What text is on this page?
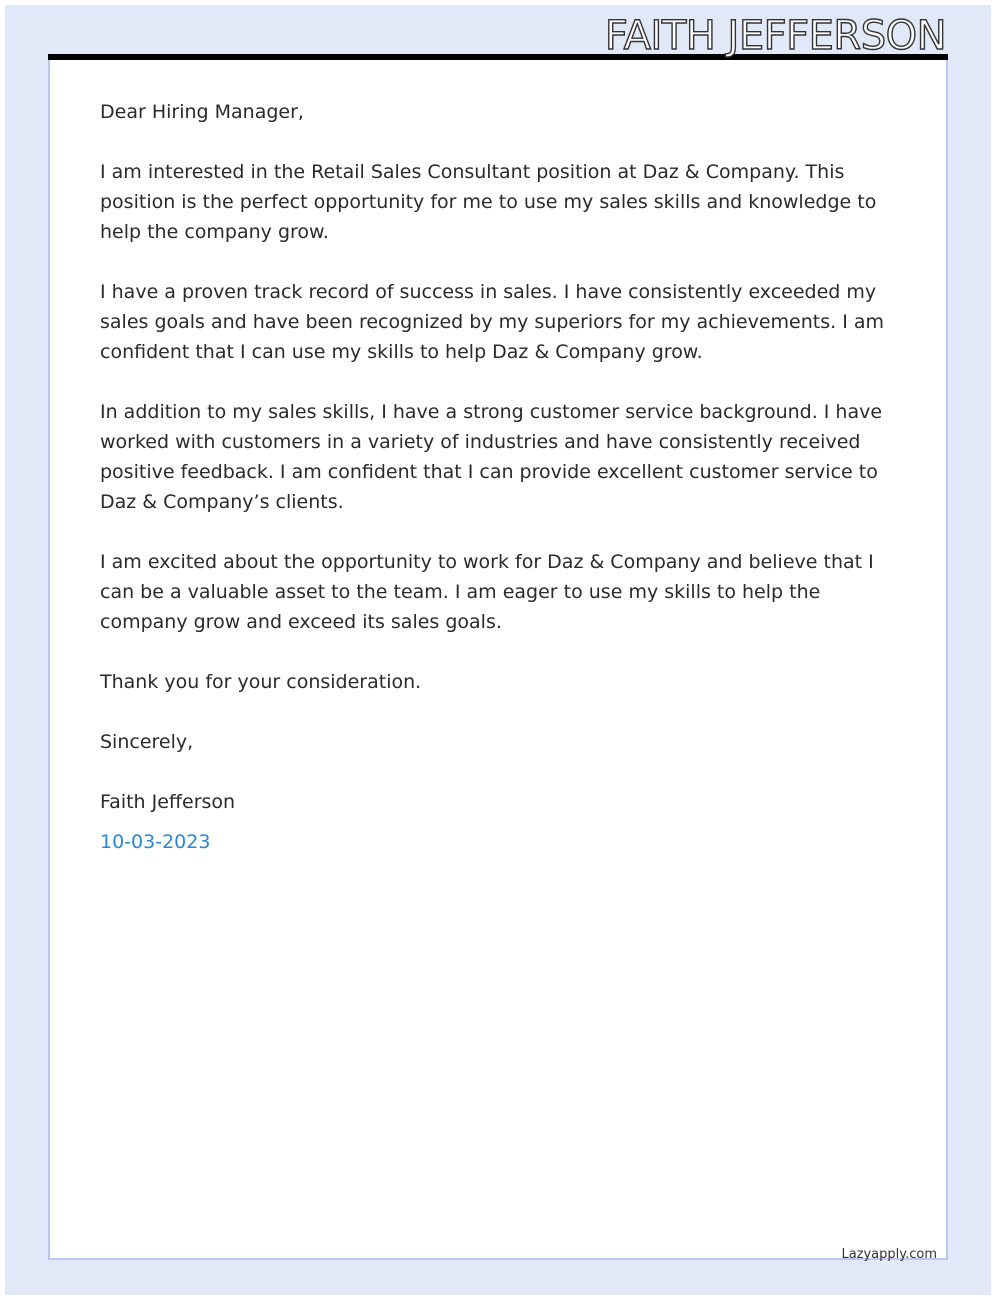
FAITH JEFFERSON

Dear Hiring Manager,

I am interested in the Retail Sales Consultant position at Daz & Company. This position is the perfect opportunity for me to use my sales skills and knowledge to help the company grow.

I have a proven track record of success in sales. I have consistently exceeded my sales goals and have been recognized by my superiors for my achievements. I am confident that I can use my skills to help Daz & Company grow.

In addition to my sales skills, I have a strong customer service background. I have worked with customers in a variety of industries and have consistently received positive feedback. I am confident that I can provide excellent customer service to Daz & Company’s clients.

I am excited about the opportunity to work for Daz & Company and believe that I can be a valuable asset to the team. I am eager to use my skills to help the company grow and exceed its sales goals.

Thank you for your consideration.

Sincerely,

Faith Jefferson

10-03-2023

Lazyapply.com
